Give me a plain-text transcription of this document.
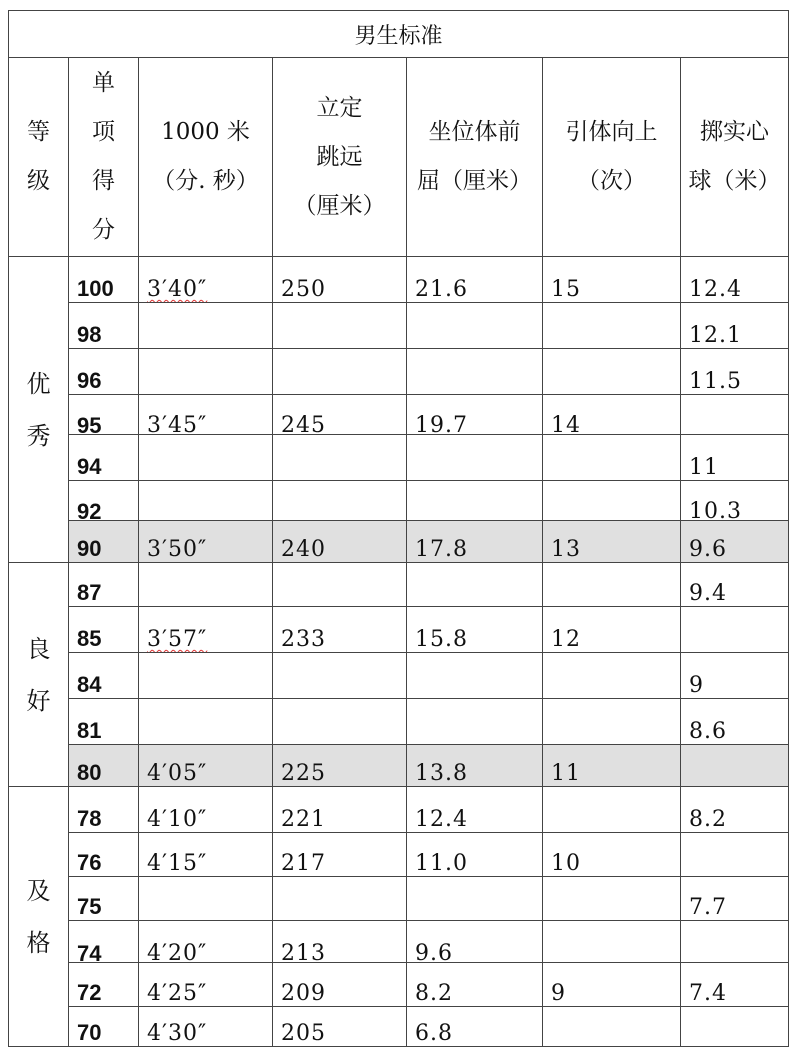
男生标准						
等
级	单
项
得
分	1000 米
（分. 秒）	立定
跳远
（厘米）	坐位体前
屈（厘米）	引体向上
（次）	掷实心
球（米）
优
秀	100	3′40″	250	21.6	15	12.4
	98					12.1
	96					11.5
	95	3′45″	245	19.7	14	
	94					11
	92					10.3
	90	3′50″	240	17.8	13	9.6
良
好	87					9.4
	85	3′57″	233	15.8	12	
	84					9
	81					8.6
	80	4′05″	225	13.8	11	
及
格	78	4′10″	221	12.4		8.2
	76	4′15″	217	11.0	10	
	75					7.7
	74	4′20″	213	9.6		
	72	4′25″	209	8.2	9	7.4
	70	4′30″	205	6.8		
